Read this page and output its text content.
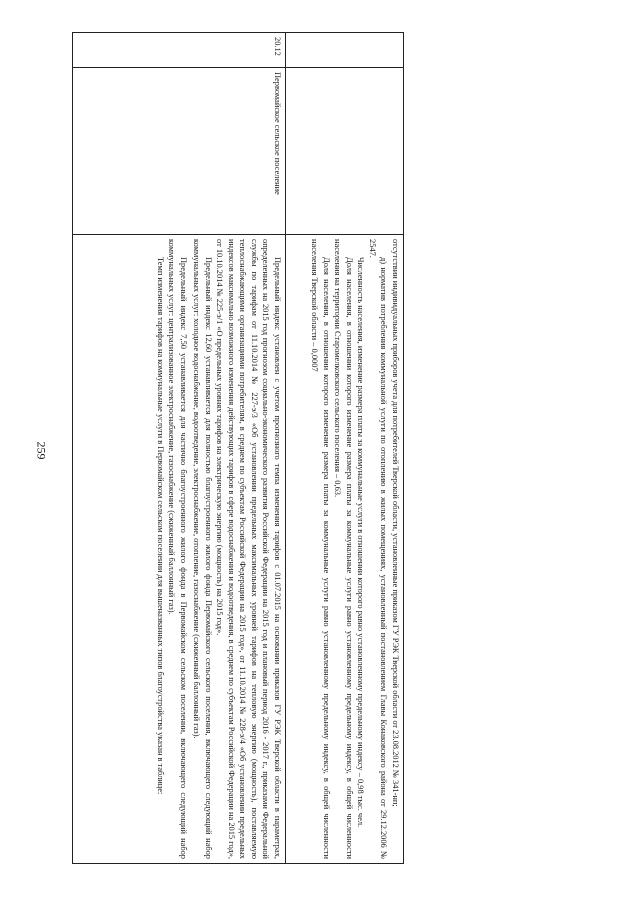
259

		отсутствии индивидуальных приборов учета для потребителей Тверской области, установленные приказом ГУ РЭК Тверской области от 23.08.2012 № 341-нп;

д) норматив потребления коммунальной услуги по отоплению в жилых помещениях, установленный постановлением Главы Конаковского района от 29.12.2006 № 2547.

Численность населения, изменение размера платы за коммунальные услуги в отношении которого равно установленному предельному индексу – 0,98 тыс. чел.

Доля населения, в отношении которого изменение размера платы за коммунальные услуги равно установленному предельному индексу, в общей численности населения на территории Старомелковского сельского поселения – 0,63.

Доля населения, в отношении которого изменение размера платы за коммунальные услуги равно установленному предельному индексу, в общей численности населения Тверской области – 0,0007

20.12	Первомайское сельское поселение	Предельный индекс установлен с учетом прогнозного темпа изменения тарифов с 01.07.2015 на основании приказов ГУ РЭК Тверской области в параметрах, определенных на 2015 год прогнозом социально-экономического развития Российской Федерации на 2015 год и плановый период 2016 - 2017 г., приказами Федеральной службы по тарифам от 11.10.2014 № 227-э/3 «Об установлении предельных максимальных уровней тарифов на тепловую энергию (мощность), поставляемую теплоснабжающими организациями потребителям, в среднем по субъектам Российской Федерации на 2015 год», от 11.10.2014 № 228-э/4 «Об установлении предельных индексов максимально возможного изменения действующих тарифов в сфере водоснабжения и водоотведения, в среднем по субъектам Российской Федерации на 2015 год», от 10.10.2014 № 225-э/1 «О предельных уровнях тарифов на электрическую энергию (мощность) на 2015 год».

Предельный индекс 12,60 устанавливается для полностью благоустроенного жилого фонда Первомайского сельского поселения, включающего следующий набор коммунальных услуг: холодное водоснабжение, водоотведение, электроснабжение, отопление, газоснабжение (сжиженный баллонный газ).

Предельный индекс 7,50 устанавливается для частично благоустроенного жилого фонда в Первомайском сельском поселении, включающего следующий набор коммунальных услуг: централизованное электроснабжение, газоснабжение (сжиженный баллонный газ).

Темп изменения тарифов на коммунальные услуги в Первомайском сельском поселении для вышеназванных типов благоустройства указан в таблице:
